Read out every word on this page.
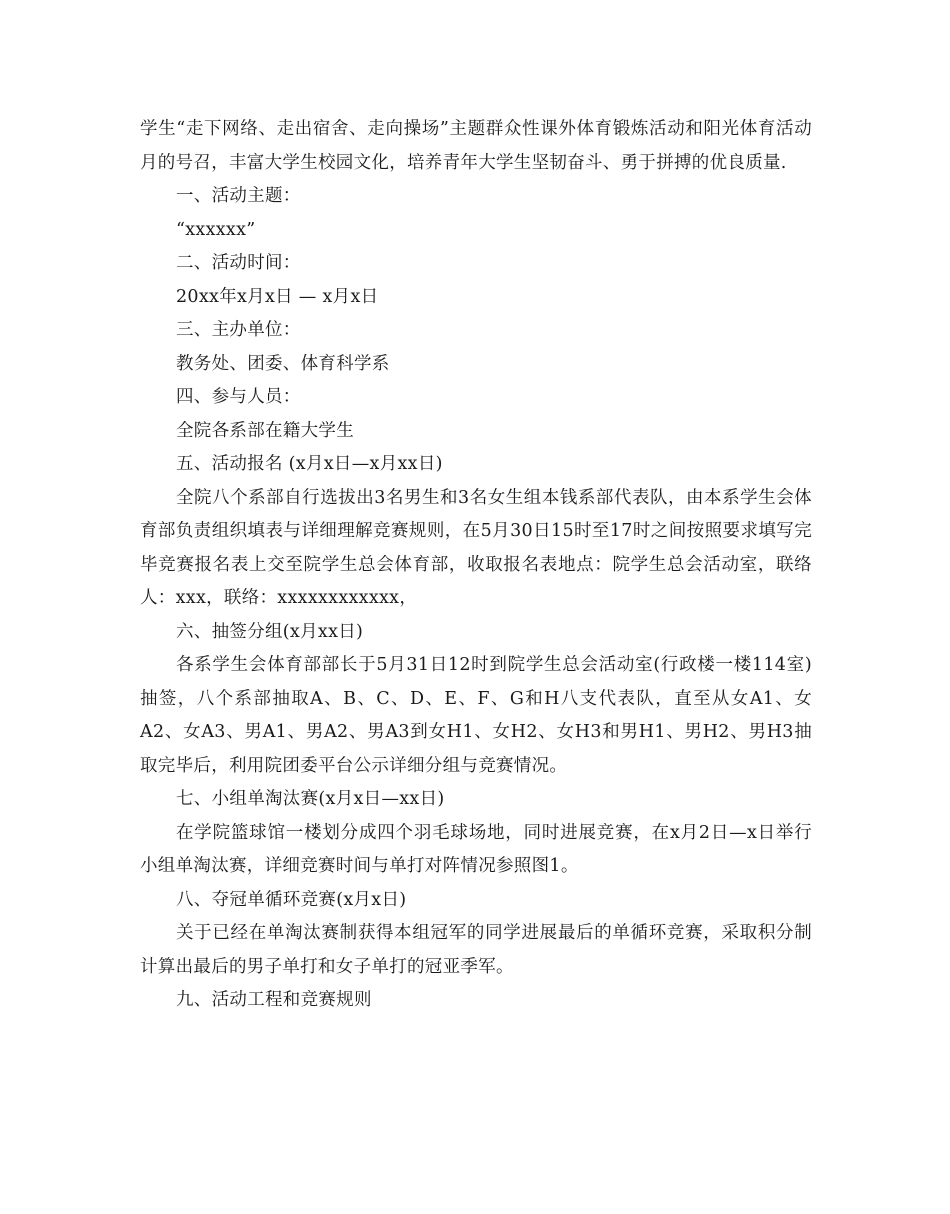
学生“走下网络、走出宿舍、走向操场”主题群众性课外体育锻炼活动和阳光体育活动月的号召，丰富大学生校园文化，培养青年大学生坚韧奋斗、勇于拼搏的优良质量.

一、活动主题：

“xxxxxx”

二、活动时间：

20xx年x月x日 — x月x日

三、主办单位：

教务处、团委、体育科学系

四、参与人员：

全院各系部在籍大学生

五、活动报名 (x月x日—x月xx日)

全院八个系部自行选拔出3名男生和3名女生组本钱系部代表队，由本系学生会体育部负责组织填表与详细理解竞赛规则，在5月30日15时至17时之间按照要求填写完毕竞赛报名表上交至院学生总会体育部，收取报名表地点：院学生总会活动室，联络人：xxx，联络：xxxxxxxxxxxx，

六、抽签分组(x月xx日)

各系学生会体育部部长于5月31日12时到院学生总会活动室(行政楼一楼114室)抽签，八个系部抽取A、B、C、D、E、F、G和H八支代表队，直至从女A1、女A2、女A3、男A1、男A2、男A3到女H1、女H2、女H3和男H1、男H2、男H3抽取完毕后，利用院团委平台公示详细分组与竞赛情况。

七、小组单淘汰赛(x月x日—xx日)

在学院篮球馆一楼划分成四个羽毛球场地，同时进展竞赛，在x月2日—x日举行小组单淘汰赛，详细竞赛时间与单打对阵情况参照图1。

八、夺冠单循环竞赛(x月x日)

关于已经在单淘汰赛制获得本组冠军的同学进展最后的单循环竞赛，采取积分制计算出最后的男子单打和女子单打的冠亚季军。

九、活动工程和竞赛规则
